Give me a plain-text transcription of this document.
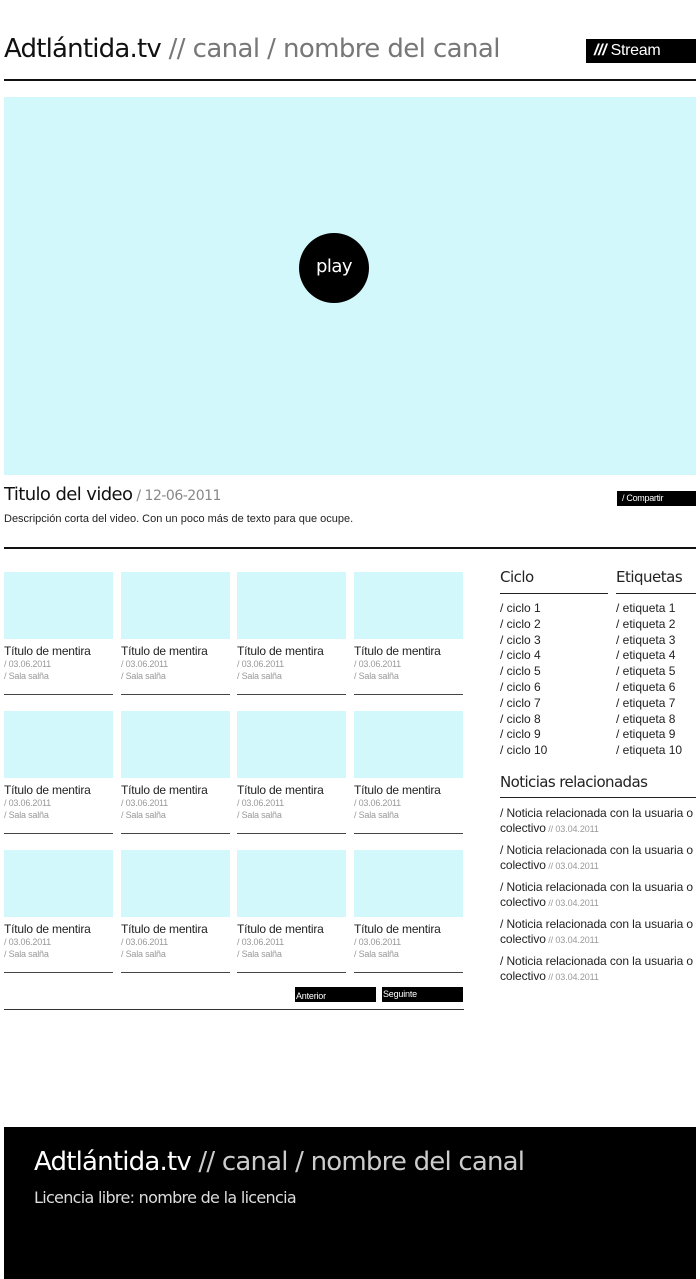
Adtlántida.tv // canal / nombre del canal	/// Stream
play
Titulo del video / 12-06-2011	/ Compartir
Descripción corta del video. Con un poco más de texto para que ocupe.
Título de mentira
/ 03.06.2011
/ Sala salña
Título de mentira
/ 03.06.2011
/ Sala salña
Título de mentira
/ 03.06.2011
/ Sala salña
Título de mentira
/ 03.06.2011
/ Sala salña
Título de mentira
/ 03.06.2011
/ Sala salña
Título de mentira
/ 03.06.2011
/ Sala salña
Título de mentira
/ 03.06.2011
/ Sala salña
Título de mentira
/ 03.06.2011
/ Sala salña
Título de mentira
/ 03.06.2011
/ Sala salña
Título de mentira
/ 03.06.2011
/ Sala salña
Título de mentira
/ 03.06.2011
/ Sala salña
Título de mentira
/ 03.06.2011
/ Sala salña
Anterior	Seguinte
Ciclo
/ ciclo 1
/ ciclo 2
/ ciclo 3
/ ciclo 4
/ ciclo 5
/ ciclo 6
/ ciclo 7
/ ciclo 8
/ ciclo 9
/ ciclo 10
Etiquetas
/ etiqueta 1
/ etiqueta 2
/ etiqueta 3
/ etiqueta 4
/ etiqueta 5
/ etiqueta 6
/ etiqueta 7
/ etiqueta 8
/ etiqueta 9
/ etiqueta 10
Noticias relacionadas
/ Noticia relacionada con la usuaria o colectivo // 03.04.2011
/ Noticia relacionada con la usuaria o colectivo // 03.04.2011
/ Noticia relacionada con la usuaria o colectivo // 03.04.2011
/ Noticia relacionada con la usuaria o colectivo // 03.04.2011
/ Noticia relacionada con la usuaria o colectivo // 03.04.2011
Adtlántida.tv // canal / nombre del canal
Licencia libre: nombre de la licencia
